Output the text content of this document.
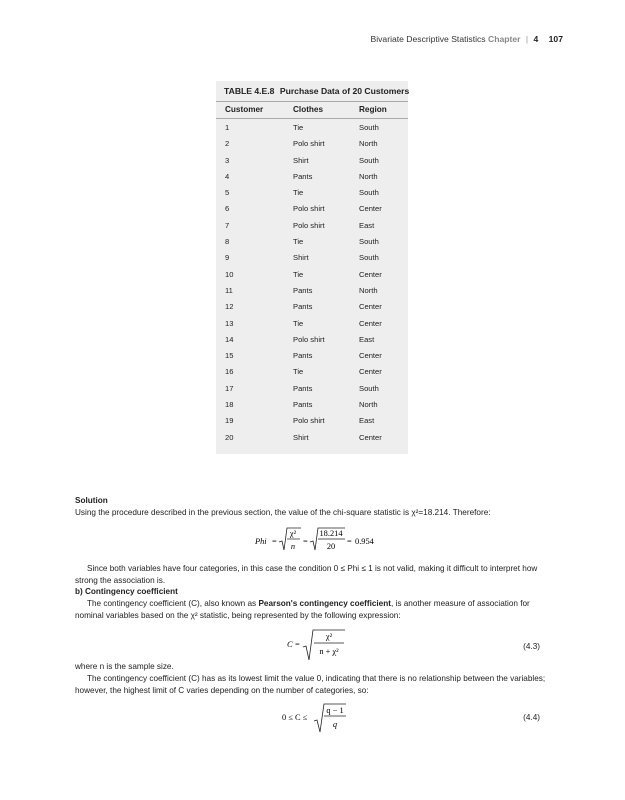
Bivariate Descriptive Statistics Chapter | 4 107
TABLE 4.E.8 Purchase Data of 20 Customers
Customer	Clothes	Region
1	Tie	South
2	Polo shirt	North
3	Shirt	South
4	Pants	North
5	Tie	South
6	Polo shirt	Center
7	Polo shirt	East
8	Tie	South
9	Shirt	South
10	Tie	Center
11	Pants	North
12	Pants	Center
13	Tie	Center
14	Polo shirt	East
15	Pants	Center
16	Tie	Center
17	Pants	South
18	Pants	North
19	Polo shirt	East
20	Shirt	Center
Solution
Using the procedure described in the previous section, the value of the chi-square statistic is χ²=18.214. Therefore:
Phi =
χ²
n
=
18.214
20
= 0.954
Since both variables have four categories, in this case the condition 0 ≤ Phi ≤ 1 is not valid, making it difficult to interpret how strong the association is.
b) Contingency coefficient
The contingency coefficient (C), also known as Pearson's contingency coefficient, is another measure of association for nominal variables based on the χ² statistic, being represented by the following expression:
C =
χ²
n + χ²
(4.3)
where n is the sample size.
The contingency coefficient (C) has as its lowest limit the value 0, indicating that there is no relationship between the variables; however, the highest limit of C varies depending on the number of categories, so:
0 ≤ C ≤
q − 1
q
(4.4)
